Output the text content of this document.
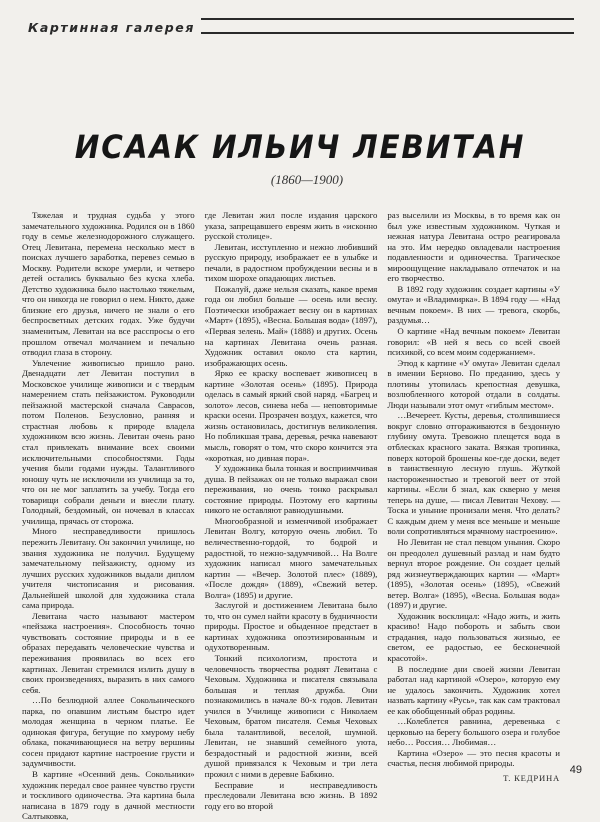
Картинная галерея
ИСААК ИЛЬИЧ ЛЕВИТАН
(1860—1900)

Тяжелая и трудная судьба у этого замечательного художника. Родился он в 1860 году в семье железнодорожного служащего. Отец Левитана, перемена несколько мест в поисках лучшего заработка, перевез семью в Москву. Родители вскоре умерли, и четверо детей остались буквально без куска хлеба. Детство художника было настолько тяжелым, что он никогда не говорил о нем. Никто, даже близкие его друзья, ничего не знали о его беспросветных детских годах. Уже будучи знаменитым, Левитан на все расспросы о его прошлом отвечал молчанием и печально отводил глаза в сторону.

Увлечение живописью пришло рано. Двенадцати лет Левитан поступил в Московское училище живописи и с твердым намерением стать пейзажистом. Руководили пейзажной мастерской сначала Саврасов, потом Поленов. Безусловно, ранняя и страстная любовь к природе владела художником всю жизнь. Левитан очень рано стал привлекать внимание всех своими исключительными способностями. Годы учения были годами нужды. Талантливого юношу чуть не исключили из училища за то, что он не мог заплатить за учебу. Тогда его товарищи собрали деньги и внесли плату. Голодный, бездомный, он ночевал в классах училища, прячась от сторожа.

Много несправедливости пришлось пережить Левитану. Он закончил училище, но звания художника не получил. Будущему замечательному пейзажисту, одному из лучших русских художников выдали диплом учителя чистописания и рисования. Дальнейшей школой для художника стала сама природа.

Левитана часто называют мастером «пейзажа настроения». Способность точно чувствовать состояние природы и в ее образах передавать человеческие чувства и переживания проявилась во всех его картинах. Левитан стремился излить душу в своих произведениях, выразить в них самого себя.

…По безлюдной аллее Сокольнического парка, по опавшим листьям быстро идет молодая женщина в черном платье. Ее одинокая фигура, бегущие по хмурому небу облака, покачивающиеся на ветру вершины сосен придают картине настроение грусти и задумчивости.

В картине «Осенний день. Сокольники» художник передал свое раннее чувство грусти и тоскливого одиночества. Эта картина была написана в 1879 году в дачной местности Салтыковка,

где Левитан жил после издания царского указа, запрещавшего евреям жить в «исконно русской столице».

Левитан, исступленно и нежно любивший русскую природу, изображает ее в улыбке и печали, в радостном пробуждении весны и в тихом шорохе опадающих листьев.

Пожалуй, даже нельзя сказать, какое время года он любил больше — осень или весну. Поэтически изображает весну он в картинах «Март» (1895), «Весна. Большая вода» (1897), «Первая зелень. Май» (1888) и других. Осень на картинах Левитана очень разная. Художник оставил около ста картин, изображающих осень.

Ярко ее краску воспевает живописец в картине «Золотая осень» (1895). Природа оделась в самый яркий свой наряд. «Багрец и золото» лесов, синева неба — неповторимые краски осени. Прозрачен воздух, кажется, что жизнь остановилась, достигнув великолепия. Но побликшая трава, деревья, речка навевают мысль, говорят о том, что скоро кончится эта «короткая, но дивная пора».

У художника была тонкая и восприимчивая душа. В пейзажах он не только выражал свои переживания, но очень тонко раскрывал состояние природы. Поэтому его картины никого не оставляют равнодушными.

Многообразной и изменчивой изображает Левитан Волгу, которую очень любил. То величественно-гордой, то бодрой и радостной, то нежно-задумчивой… На Волге художник написал много замечательных картин — «Вечер. Золотой плес» (1889), «После дождя» (1889), «Свежий ветер. Волга» (1895) и другие.

Заслугой и достижением Левитана было то, что он сумел найти красоту в будничности природы. Простое и обыденное предстает в картинах художника опоэтизированным и одухотворенным.

Тонкий психологизм, простота и человечность творчества роднят Левитана с Чеховым. Художника и писателя связывала большая и теплая дружба. Они познакомились в начале 80-х годов. Левитан учился в Училище живописи с Николаем Чеховым, братом писателя. Семья Чеховых была талантливой, веселой, шумной. Левитан, не знавший семейного уюта, безрадостный и радостной жизни, всей душой привязался к Чеховым и три лета прожил с ними в деревне Бабкино.

Бесправие и несправедливость преследовали Левитана всю жизнь. В 1892 году его во второй

раз выселили из Москвы, в то время как он был уже известным художником. Чуткая и нежная натура Левитана остро реагировала на это. Им нередко овладевали настроения подавленности и одиночества. Трагическое мироощущение накладывало отпечаток и на его творчество.

В 1892 году художник создает картины «У омута» и «Владимирка». В 1894 году — «Над вечным покоем». В них — тревога, скорбь, раздумья…

О картине «Над вечным покоем» Левитан говорил: «В ней я весь со всей своей психикой, со всем моим содержанием».

Этюд к картине «У омута» Левитан сделал в имении Берново. По преданию, здесь у плотины утопилась крепостная девушка, возлюбленного которой отдали в солдаты. Люди называли этот омут «гиблым местом».

…Вечереет. Кусты, деревья, столпившиеся вокруг словно отгораживаются в бездонную глубину омута. Тревожно плещется вода в отблесках красного заката. Вязкая тропинка, поверх которой брошены кое-где доски, ведет в таинственную лесную глушь. Жуткой настороженностью и тревогой веет от этой картины. «Если б знал, как скверно у меня теперь на душе, — писал Левитан Чехову. — Тоска и уныние пронизали меня. Что делать? С каждым днем у меня все меньше и меньше воли сопротивляться мрачному настроению».

Но Левитан не стал певцом уныния. Скоро он преодолел душевный разлад и нам будто вернул второе рождение. Он создает целый ряд жизнеутверждающих картин — «Март» (1895), «Золотая осень» (1895), «Свежий ветер. Волга» (1895), «Весна. Большая вода» (1897) и другие.

Художник восклицал: «Надо жить, и жить красиво! Надо побороть и забыть свои страдания, надо пользоваться жизнью, ее светом, ее радостью, ее бесконечной красотой».

В последние дни своей жизни Левитан работал над картиной «Озеро», которую ему не удалось закончить. Художник хотел назвать картину «Русь», так как сам трактовал ее как обобщенный образ родины.

…Колеблется равнина, деревенька с церковью на берегу большого озера и голубое небо… Россия… Любимая…

Картина «Озеро» — это песня красоты и счастья, песня любимой природы.

Т. КЕДРИНА
49
